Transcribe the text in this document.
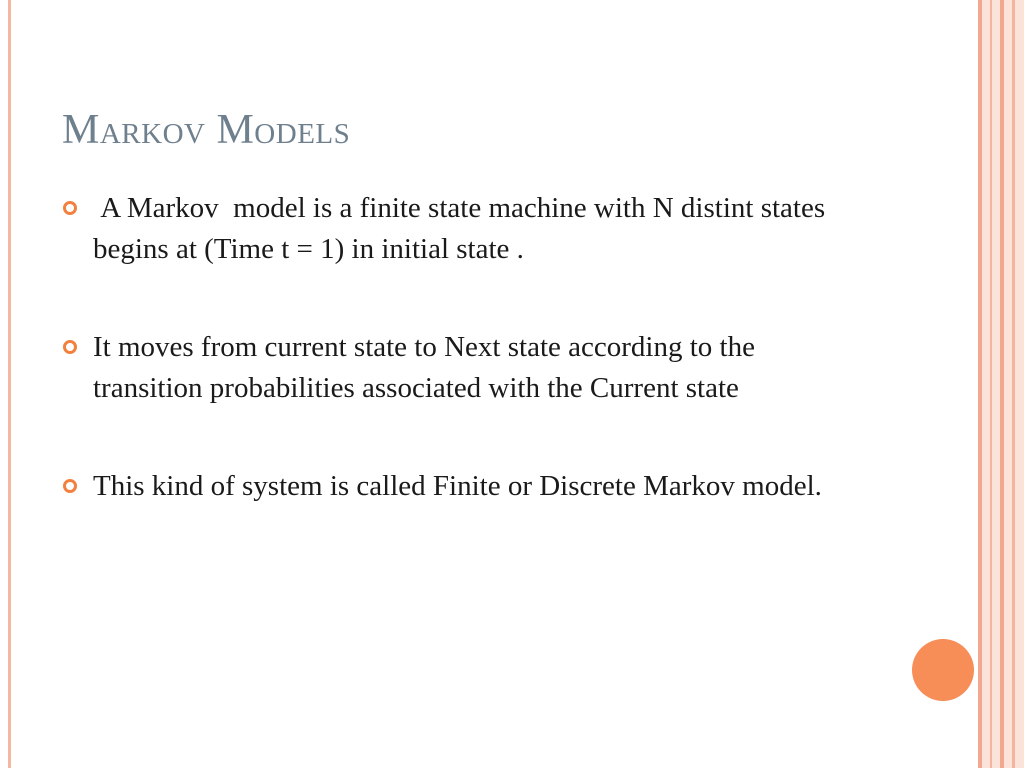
Markov Models
A Markov  model is a finite state machine with N distint states begins at (Time t = 1) in initial state .
It moves from current state to Next state according to the transition probabilities associated with the Current state
This kind of system is called Finite or Discrete Markov model.
